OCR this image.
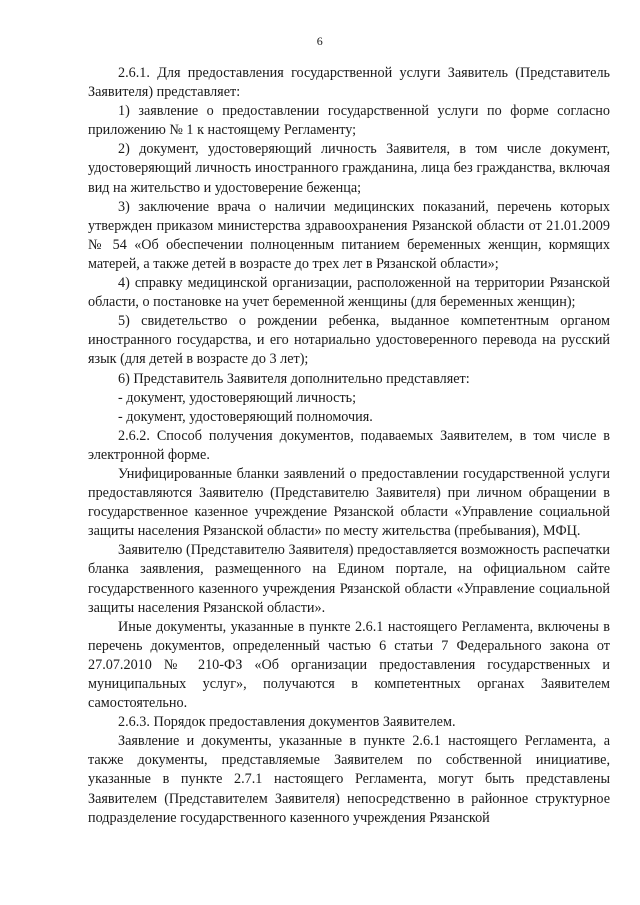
6

2.6.1. Для предоставления государственной услуги Заявитель (Представитель Заявителя) представляет:

1) заявление о предоставлении государственной услуги по форме согласно приложению № 1 к настоящему Регламенту;

2) документ, удостоверяющий личность Заявителя, в том числе документ, удостоверяющий личность иностранного гражданина, лица без гражданства, включая вид на жительство и удостоверение беженца;

3) заключение врача о наличии медицинских показаний, перечень которых утвержден приказом министерства здравоохранения Рязанской области от 21.01.2009 № 54 «Об обеспечении полноценным питанием беременных женщин, кормящих матерей, а также детей в возрасте до трех лет в Рязанской области»;

4) справку медицинской организации, расположенной на территории Рязанской области, о постановке на учет беременной женщины (для беременных женщин);

5) свидетельство о рождении ребенка, выданное компетентным органом иностранного государства, и его нотариально удостоверенного перевода на русский язык (для детей в возрасте до 3 лет);

6) Представитель Заявителя дополнительно представляет:

- документ, удостоверяющий личность;

- документ, удостоверяющий полномочия.

2.6.2. Способ получения документов, подаваемых Заявителем, в том числе в электронной форме.

Унифицированные бланки заявлений о предоставлении государственной услуги предоставляются Заявителю (Представителю Заявителя) при личном обращении в государственное казенное учреждение Рязанской области «Управление социальной защиты населения Рязанской области» по месту жительства (пребывания), МФЦ.

Заявителю (Представителю Заявителя) предоставляется возможность распечатки бланка заявления, размещенного на Едином портале, на официальном сайте государственного казенного учреждения Рязанской области «Управление социальной защиты населения Рязанской области».

Иные документы, указанные в пункте 2.6.1 настоящего Регламента, включены в перечень документов, определенный частью 6 статьи 7 Федерального закона от 27.07.2010 № 210-ФЗ «Об организации предоставления государственных и муниципальных услуг», получаются в компетентных органах Заявителем самостоятельно.

2.6.3. Порядок предоставления документов Заявителем.

Заявление и документы, указанные в пункте 2.6.1 настоящего Регламента, а также документы, представляемые Заявителем по собственной инициативе, указанные в пункте 2.7.1 настоящего Регламента, могут быть представлены Заявителем (Представителем Заявителя) непосредственно в районное структурное подразделение государственного казенного учреждения Рязанской
